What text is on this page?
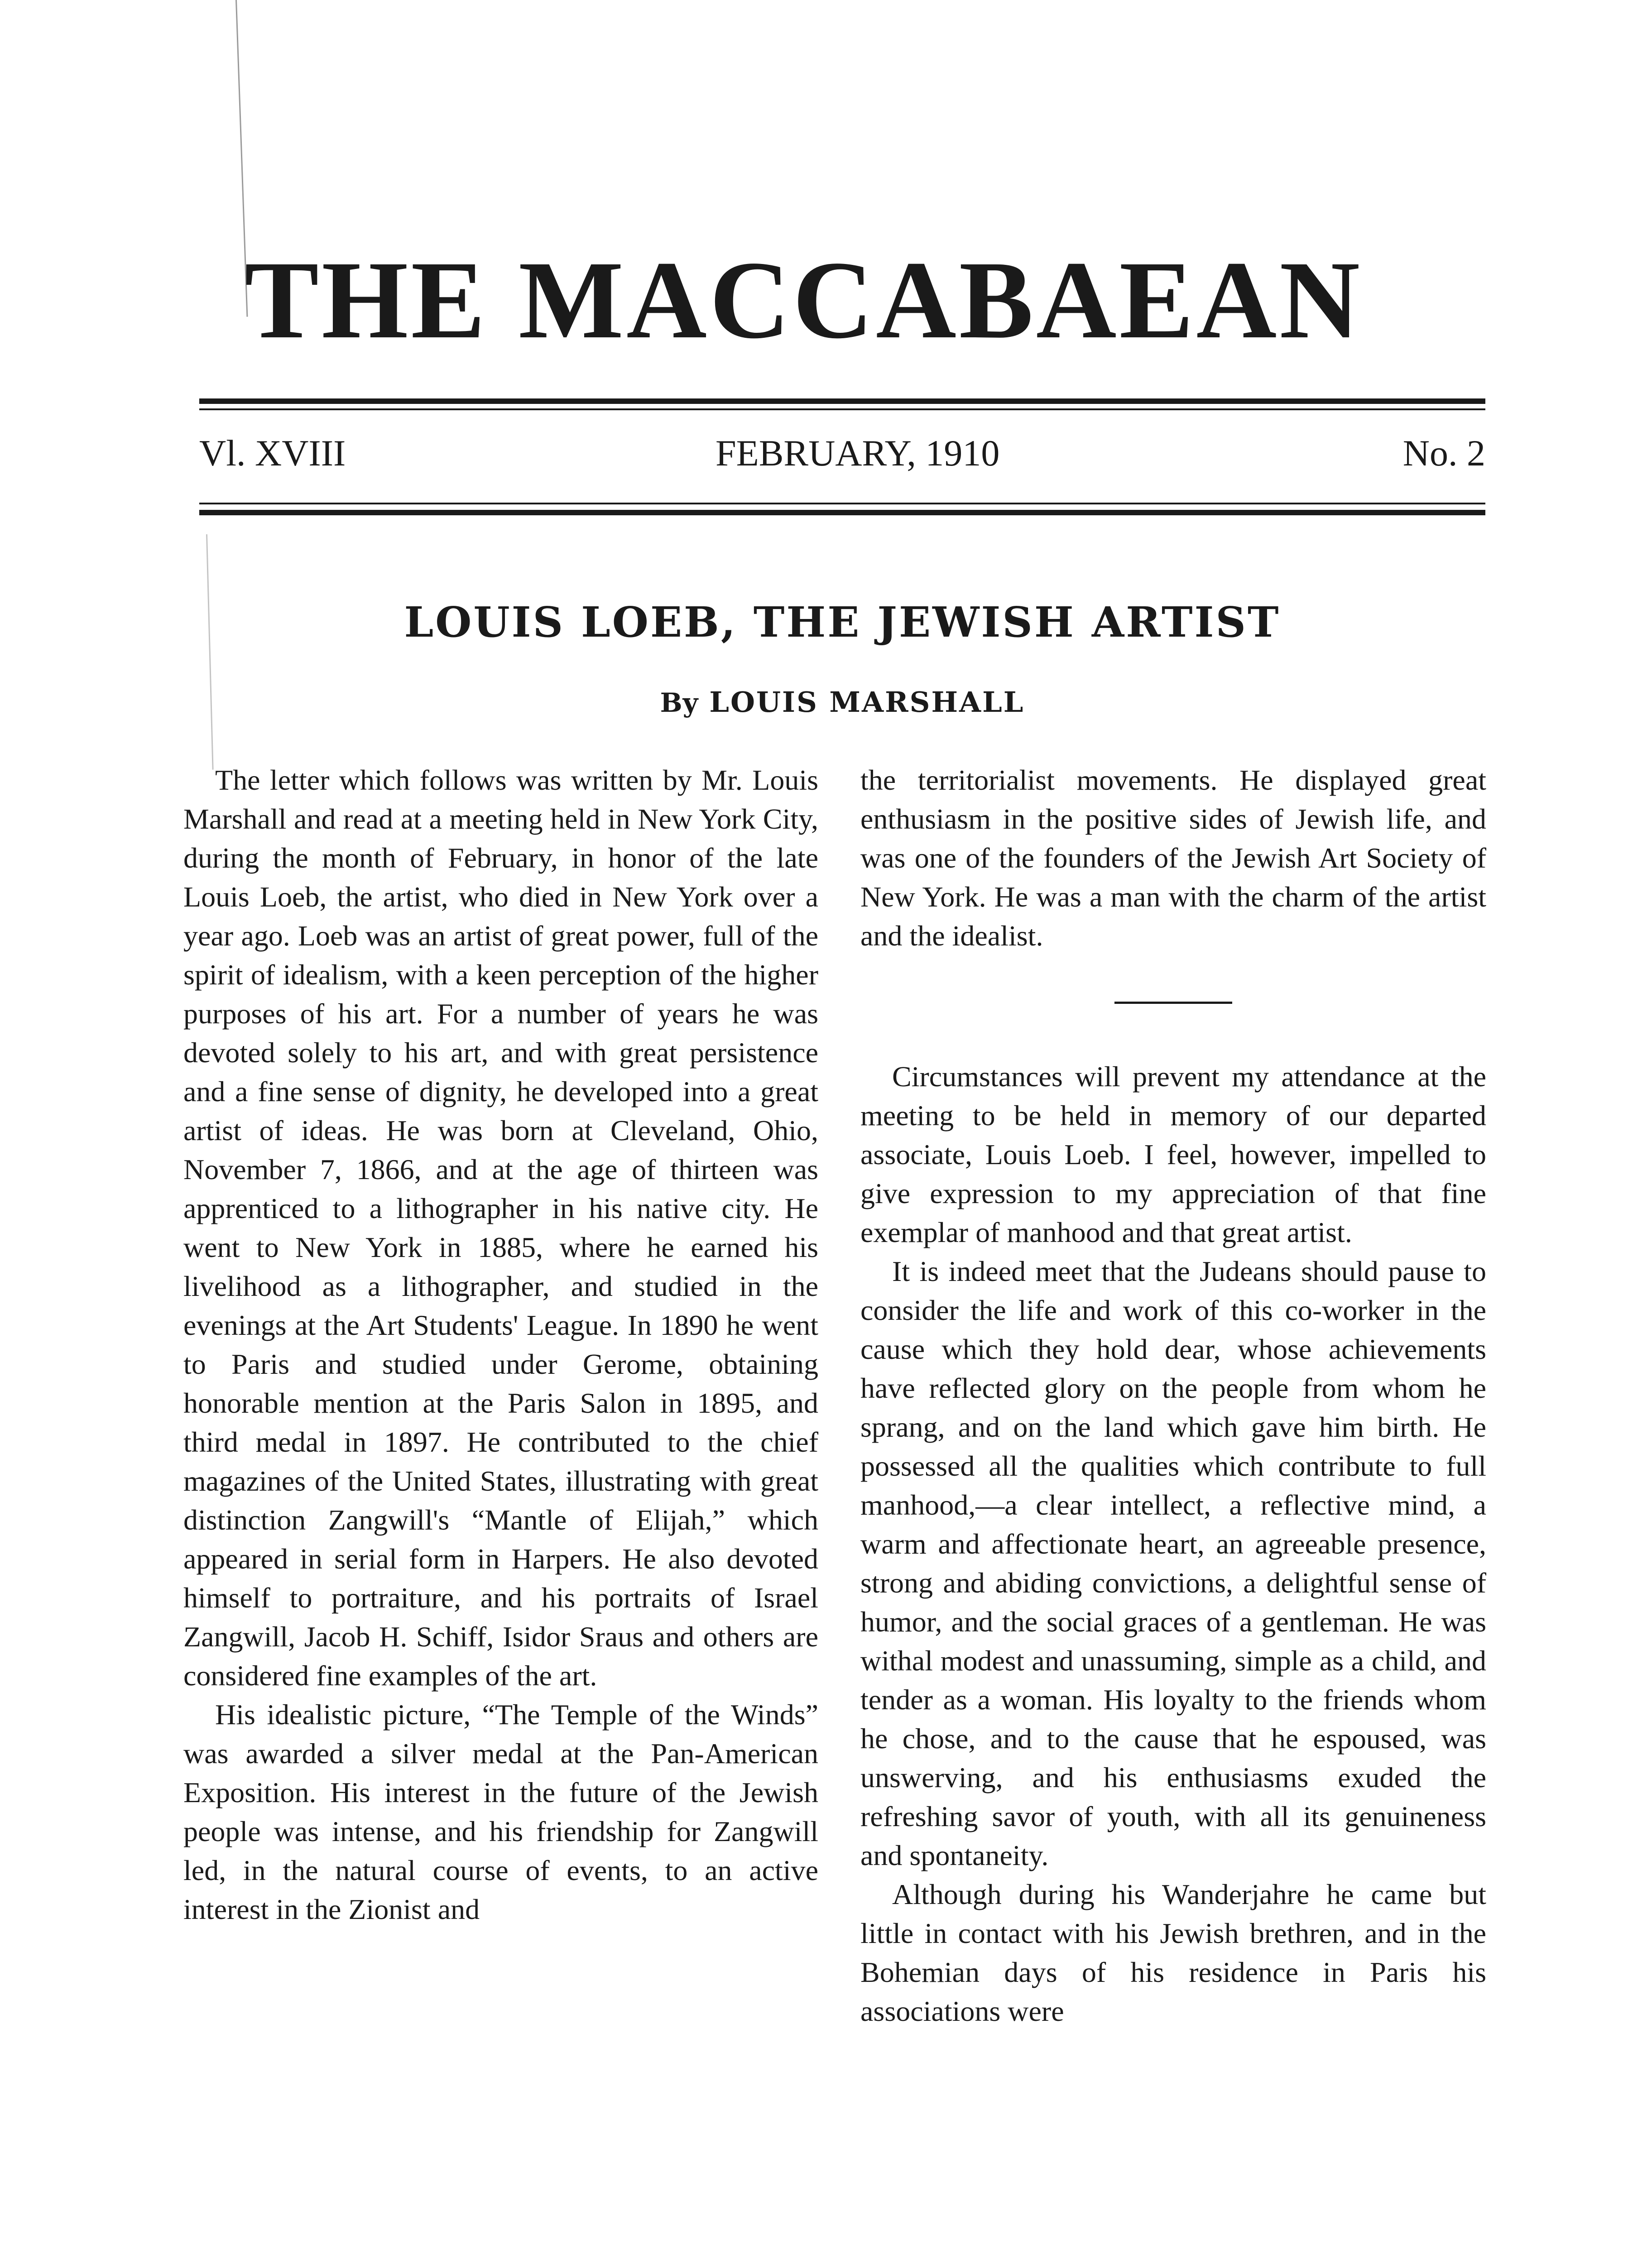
THE MACCABAEAN
Vl. XVIII	FEBRUARY, 1910	No. 2
LOUIS LOEB, THE JEWISH ARTIST
By LOUIS MARSHALL

The letter which follows was written by Mr. Louis Marshall and read at a meeting held in New York City, during the month of February, in honor of the late Louis Loeb, the artist, who died in New York over a year ago. Loeb was an artist of great power, full of the spirit of idealism, with a keen perception of the higher purposes of his art. For a number of years he was devoted solely to his art, and with great persistence and a fine sense of dignity, he developed into a great artist of ideas. He was born at Cleveland, Ohio, November 7, 1866, and at the age of thirteen was apprenticed to a lithographer in his native city. He went to New York in 1885, where he earned his livelihood as a lithographer, and studied in the evenings at the Art Students' League. In 1890 he went to Paris and studied under Gerome, obtaining honorable mention at the Paris Salon in 1895, and third medal in 1897. He contributed to the chief magazines of the United States, illustrating with great distinction Zangwill's “Mantle of Elijah,” which appeared in serial form in Harpers. He also devoted himself to portraiture, and his portraits of Israel Zangwill, Jacob H. Schiff, Isidor Sraus and others are considered fine examples of the art.

His idealistic picture, “The Temple of the Winds” was awarded a silver medal at the Pan-American Exposition. His interest in the future of the Jewish people was intense, and his friendship for Zangwill led, in the natural course of events, to an active interest in the Zionist and

the territorialist movements. He displayed great enthusiasm in the positive sides of Jewish life, and was one of the founders of the Jewish Art Society of New York. He was a man with the charm of the artist and the idealist.

Circumstances will prevent my attendance at the meeting to be held in memory of our departed associate, Louis Loeb. I feel, however, impelled to give expression to my appreciation of that fine exemplar of manhood and that great artist.

It is indeed meet that the Judeans should pause to consider the life and work of this co-worker in the cause which they hold dear, whose achievements have reflected glory on the people from whom he sprang, and on the land which gave him birth. He possessed all the qualities which contribute to full manhood,—a clear intellect, a reflective mind, a warm and affectionate heart, an agreeable presence, strong and abiding convictions, a delightful sense of humor, and the social graces of a gentleman. He was withal modest and unassuming, simple as a child, and tender as a woman. His loyalty to the friends whom he chose, and to the cause that he espoused, was unswerving, and his enthusiasms exuded the refreshing savor of youth, with all its genuineness and spontaneity.

Although during his Wanderjahre he came but little in contact with his Jewish brethren, and in the Bohemian days of his residence in Paris his associations were
